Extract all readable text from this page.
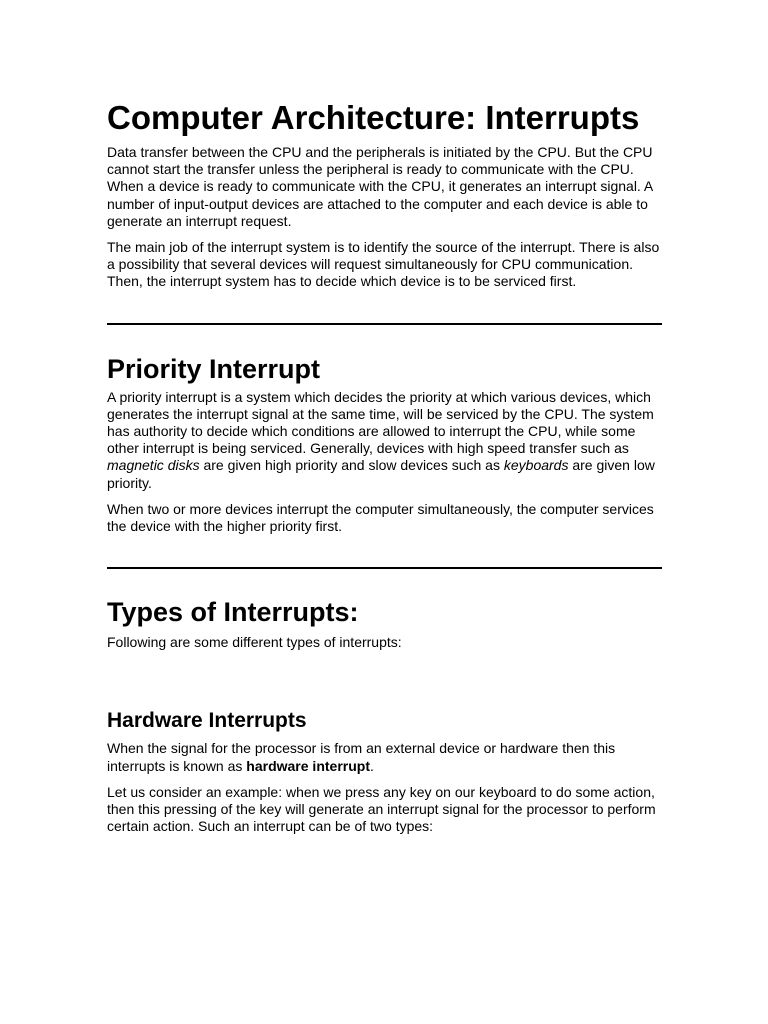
Computer Architecture: Interrupts

Data transfer between the CPU and the peripherals is initiated by the CPU. But the CPU cannot start the transfer unless the peripheral is ready to communicate with the CPU. When a device is ready to communicate with the CPU, it generates an interrupt signal. A number of input-output devices are attached to the computer and each device is able to generate an interrupt request.

The main job of the interrupt system is to identify the source of the interrupt. There is also a possibility that several devices will request simultaneously for CPU communication. Then, the interrupt system has to decide which device is to be serviced first.

Priority Interrupt

A priority interrupt is a system which decides the priority at which various devices, which generates the interrupt signal at the same time, will be serviced by the CPU. The system has authority to decide which conditions are allowed to interrupt the CPU, while some other interrupt is being serviced. Generally, devices with high speed transfer such as magnetic disks are given high priority and slow devices such as keyboards are given low priority.

When two or more devices interrupt the computer simultaneously, the computer services the device with the higher priority first.

Types of Interrupts:

Following are some different types of interrupts:

Hardware Interrupts

When the signal for the processor is from an external device or hardware then this interrupts is known as hardware interrupt.

Let us consider an example: when we press any key on our keyboard to do some action, then this pressing of the key will generate an interrupt signal for the processor to perform certain action. Such an interrupt can be of two types:
